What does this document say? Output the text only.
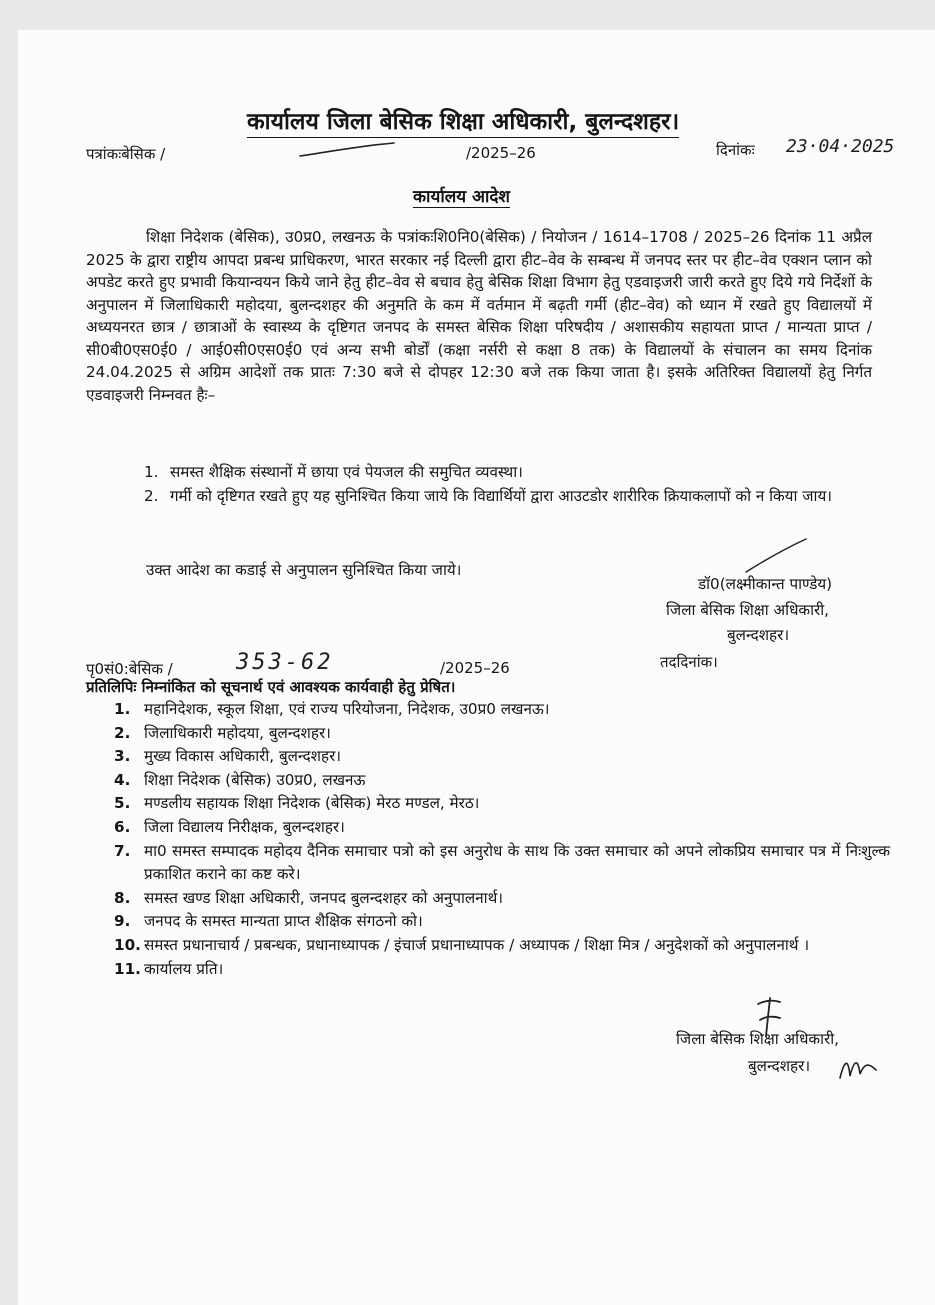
कार्यालय जिला बेसिक शिक्षा अधिकारी, बुलन्दशहर।
पत्रांकःबेसिक /	/2025–26	दिनांकः 23·04·2025
कार्यालय आदेश
शिक्षा निदेशक (बेसिक), उ0प्र0, लखनऊ के पत्रांकःशि0नि0(बेसिक) / नियोजन / 1614–1708 / 2025–26 दिनांक 11 अप्रैल 2025 के द्वारा राष्ट्रीय आपदा प्रबन्ध प्राधिकरण, भारत सरकार नई दिल्ली द्वारा हीट–वेव के सम्बन्ध में जनपद स्तर पर हीट–वेव एक्शन प्लान को अपडेट करते हुए प्रभावी कियान्वयन किये जाने हेतु हीट–वेव से बचाव हेतु बेसिक शिक्षा विभाग हेतु एडवाइजरी जारी करते हुए दिये गये निर्देशों के अनुपालन में जिलाधिकारी महोदया, बुलन्दशहर की अनुमति के कम में वर्तमान में बढ़ती गर्मी (हीट–वेव) को ध्यान में रखते हुए विद्यालयों में अध्ययनरत छात्र / छात्राओं के स्वास्थ्य के दृष्टिगत जनपद के समस्त बेसिक शिक्षा परिषदीय / अशासकीय सहायता प्राप्त / मान्यता प्राप्त / सी0बी0एस0ई0 / आई0सी0एस0ई0 एवं अन्य सभी बोर्डों (कक्षा नर्सरी से कक्षा 8 तक) के विद्यालयों के संचालन का समय दिनांक 24.04.2025 से अग्रिम आदेशों तक प्रातः 7:30 बजे से दोपहर 12:30 बजे तक किया जाता है। इसके अतिरिक्त विद्यालयों हेतु निर्गत एडवाइजरी निम्नवत हैः–
1. समस्त शैक्षिक संस्थानों में छाया एवं पेयजल की समुचित व्यवस्था।
2. गर्मी को दृष्टिगत रखते हुए यह सुनिश्चित किया जाये कि विद्यार्थियों द्वारा आउटडोर शारीरिक क्रियाकलापों को न किया जाय।
उक्त आदेश का कडाई से अनुपालन सुनिश्चित किया जाये।
डॉ0(लक्ष्मीकान्त पाण्डेय)
जिला बेसिक शिक्षा अधिकारी,
बुलन्दशहर।
पृ0सं0:बेसिक /	353-62	/2025–26	तददिनांक।
प्रतिलिपिः निम्नांकित को सूचनार्थ एवं आवश्यक कार्यवाही हेतु प्रेषित।
1. महानिदेशक, स्कूल शिक्षा, एवं राज्य परियोजना, निदेशक, उ0प्र0 लखनऊ।
2. जिलाधिकारी महोदया, बुलन्दशहर।
3. मुख्य विकास अधिकारी, बुलन्दशहर।
4. शिक्षा निदेशक (बेसिक) उ0प्र0, लखनऊ
5. मण्डलीय सहायक शिक्षा निदेशक (बेसिक) मेरठ मण्डल, मेरठ।
6. जिला विद्यालय निरीक्षक, बुलन्दशहर।
7. मा0 समस्त सम्पादक महोदय दैनिक समाचार पत्रो को इस अनुरोध के साथ कि उक्त समाचार को अपने लोकप्रिय समाचार पत्र में निःशुल्क प्रकाशित कराने का कष्ट करे।
8. समस्त खण्ड शिक्षा अधिकारी, जनपद बुलन्दशहर को अनुपालनार्थ।
9. जनपद के समस्त मान्यता प्राप्त शैक्षिक संगठनो को।
10. समस्त प्रधानाचार्य / प्रबन्धक, प्रधानाध्यापक / इंचार्ज प्रधानाध्यापक / अध्यापक / शिक्षा मित्र / अनुदेशकों को अनुपालनार्थ ।
11. कार्यालय प्रति।
जिला बेसिक शिक्षा अधिकारी,
बुलन्दशहर।
